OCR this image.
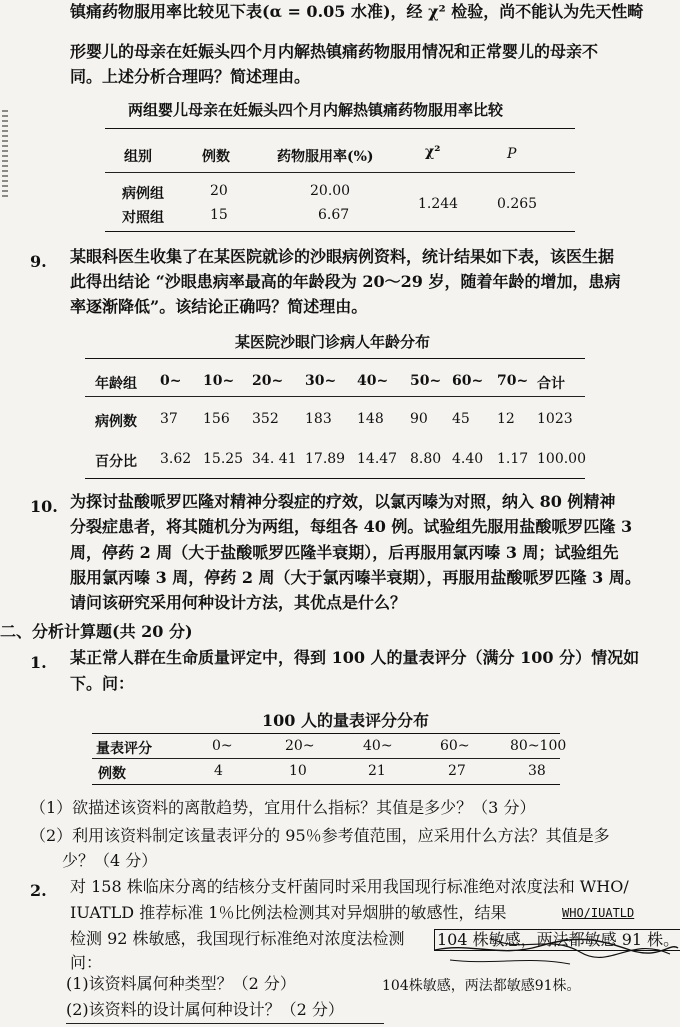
镇痛药物服用率比较见下表(α = 0.05 水准)，经 χ² 检验，尚不能认为先天性畸
形婴儿的母亲在妊娠头四个月内解热镇痛药物服用情况和正常婴儿的母亲不
同。上述分析合理吗？简述理由。
两组婴儿母亲在妊娠头四个月内解热镇痛药物服用率比较
组别	例数	药物服用率(%)	χ²	P
病例组	20	20.00
对照组	15	6.67
1.244	0.265
9. 某眼科医生收集了在某医院就诊的沙眼病例资料，统计结果如下表，该医生据
此得出结论 “沙眼患病率最高的年龄段为 20～29 岁，随着年龄的增加，患病
率逐渐降低”。该结论正确吗？简述理由。
某医院沙眼门诊病人年龄分布
年龄组 0~ 10~ 20~ 30~ 40~ 50~ 60~ 70~ 合计
病例数 37 156 352 183 148 90 45 12 1023
百分比 3.62 15.25 34. 41 17.89 14.47 8.80 4.40 1.17 100.00
10. 为探讨盐酸哌罗匹隆对精神分裂症的疗效，以氯丙嗪为对照，纳入 80 例精神
分裂症患者，将其随机分为两组，每组各 40 例。试验组先服用盐酸哌罗匹隆 3
周，停药 2 周（大于盐酸哌罗匹隆半衰期），后再服用氯丙嗪 3 周；试验组先
服用氯丙嗪 3 周，停药 2 周（大于氯丙嗪半衰期），再服用盐酸哌罗匹隆 3 周。
请问该研究采用何种设计方法，其优点是什么？
二、分析计算题(共 20 分)
1. 某正常人群在生命质量评定中，得到 100 人的量表评分（满分 100 分）情况如
下。问：
100 人的量表评分分布
量表评分	0~	20~	40~	60~	80~100
例数	4	10	21	27	38
（1）欲描述该资料的离散趋势，宜用什么指标？其值是多少？（3 分）
（2）利用该资料制定该量表评分的 95％参考值范围，应采用什么方法？其值是多
少？（4 分）
2. 对 158 株临床分离的结核分支杆菌同时采用我国现行标准绝对浓度法和 WHO/
IUATLD 推荐标准 1％比例法检测其对异烟肼的敏感性，结果	WHO/IUATLD
检测 92 株敏感，我国现行标准绝对浓度法检测 104 株敏感，两法都敏感 91 株。
问：
(1)该资料属何种类型？（2 分）	104株敏感，两法都敏感91株。
(2)该资料的设计属何种设计？（2 分）
